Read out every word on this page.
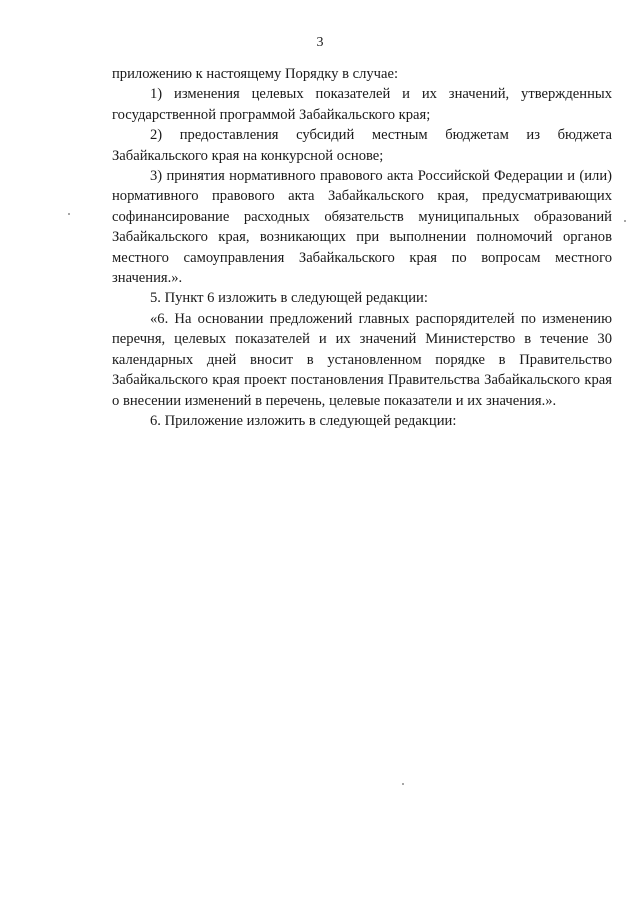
3

приложению к настоящему Порядку в случае:

1) изменения целевых показателей и их значений, утвержденных государственной программой Забайкальского края;

2) предоставления субсидий местным бюджетам из бюджета Забайкальского края на конкурсной основе;

3) принятия нормативного правового акта Российской Федерации и (или) нормативного правового акта Забайкальского края, предусматривающих софинансирование расходных обязательств муниципальных образований Забайкальского края, возникающих при выполнении полномочий органов местного самоуправления Забайкальского края по вопросам местного значения.».

5. Пункт 6 изложить в следующей редакции:

«6. На основании предложений главных распорядителей по изменению перечня, целевых показателей и их значений Министерство в течение 30 календарных дней вносит в установленном порядке в Правительство Забайкальского края проект постановления Правительства Забайкальского края о внесении изменений в перечень, целевые показатели и их значения.».

6. Приложение изложить в следующей редакции:
